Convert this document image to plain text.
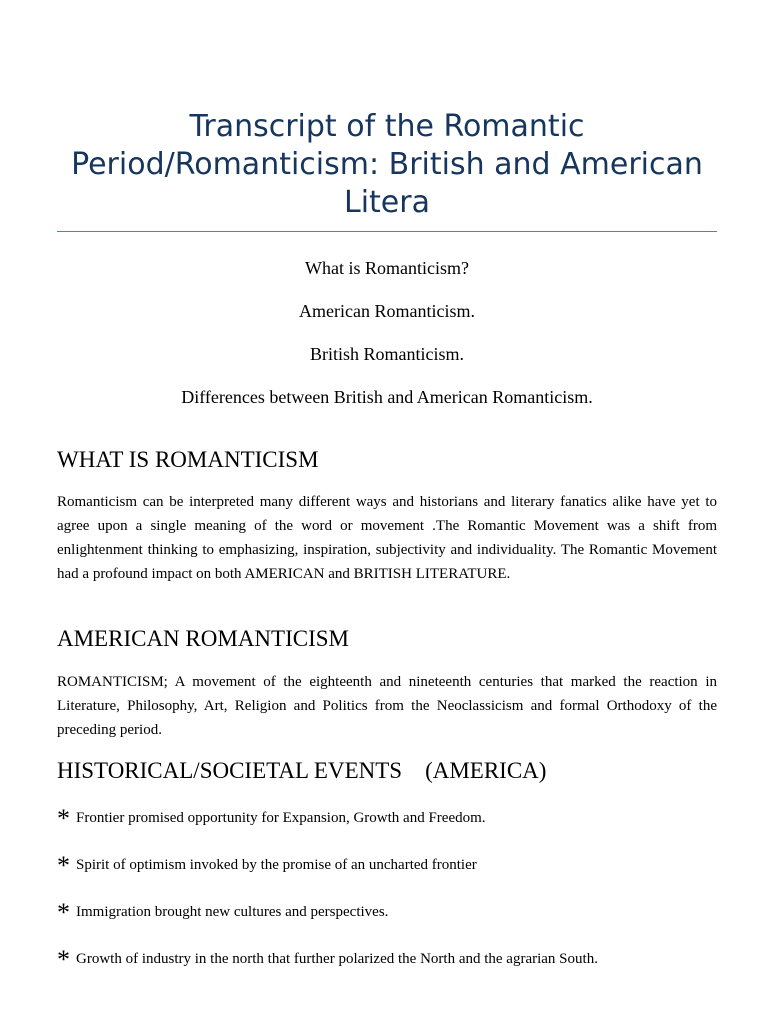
Transcript of the Romantic Period/Romanticism: British and American Litera
What is Romanticism?
American Romanticism.
British Romanticism.
Differences between British and American Romanticism.
WHAT IS ROMANTICISM

Romanticism can be interpreted many different ways and historians and literary fanatics alike have yet to agree upon a single meaning of the word or movement .The Romantic Movement was a shift from enlightenment thinking to emphasizing, inspiration, subjectivity and individuality. The Romantic Movement had a profound impact on both AMERICAN and BRITISH LITERATURE.

AMERICAN ROMANTICISM

ROMANTICISM; A movement of the eighteenth and nineteenth centuries that marked the reaction in Literature, Philosophy, Art, Religion and Politics from the Neoclassicism and formal Orthodoxy of the preceding period.

HISTORICAL/SOCIETAL EVENTS    (AMERICA)
* Frontier promised opportunity for Expansion, Growth and Freedom.
* Spirit of optimism invoked by the promise of an uncharted frontier
* Immigration brought new cultures and perspectives.
* Growth of industry in the north that further polarized the North and the agrarian South.
